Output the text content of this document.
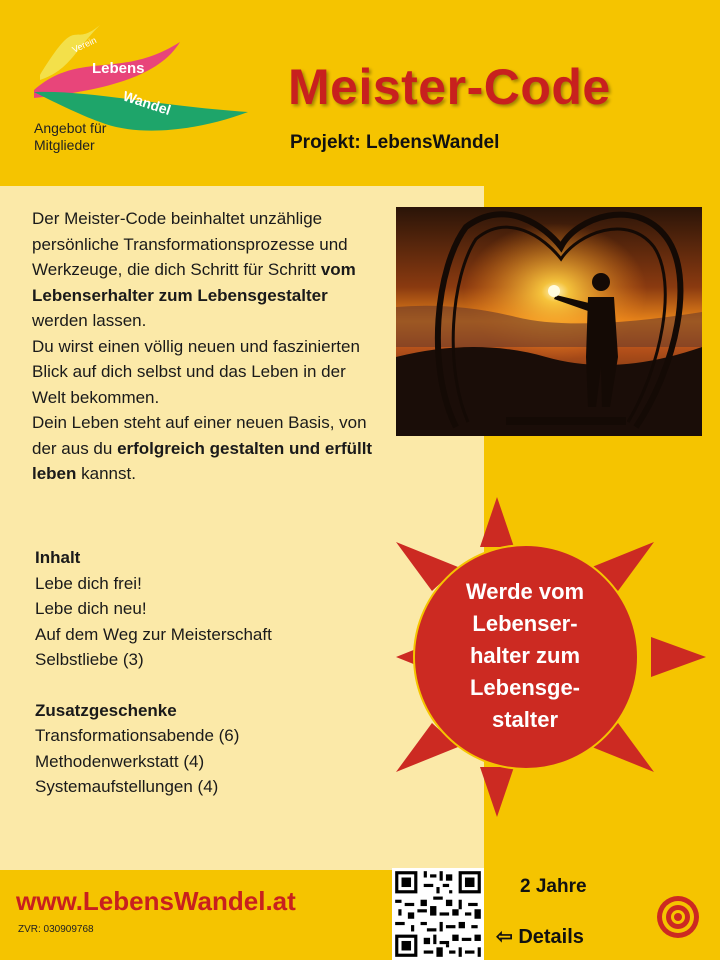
Verein
Lebens
Wandel
Angebot für
Mitglieder
Meister-Code
Projekt: LebensWandel
Der Meister-Code beinhaltet unzählige persönliche Transformationsprozesse und Werkzeuge, die dich Schritt für Schritt vom Lebenserhalter zum Lebensgestalter werden lassen.
Du wirst einen völlig neuen und faszinierten Blick auf dich selbst und das Leben in der Welt bekommen.
Dein Leben steht auf einer neuen Basis, von der aus du erfolgreich gestalten und erfüllt leben kannst.
Inhalt
Lebe dich frei!
Lebe dich neu!
Auf dem Weg zur Meisterschaft
Selbstliebe (3)
Zusatzgeschenke
Transformationsabende (6)
Methodenwerkstatt (4)
Systemaufstellungen (4)
Werde vom
Lebenser-
halter zum
Lebensge-
stalter
www.LebensWandel.at
ZVR: 030909768
2 Jahre
⇦ Details
